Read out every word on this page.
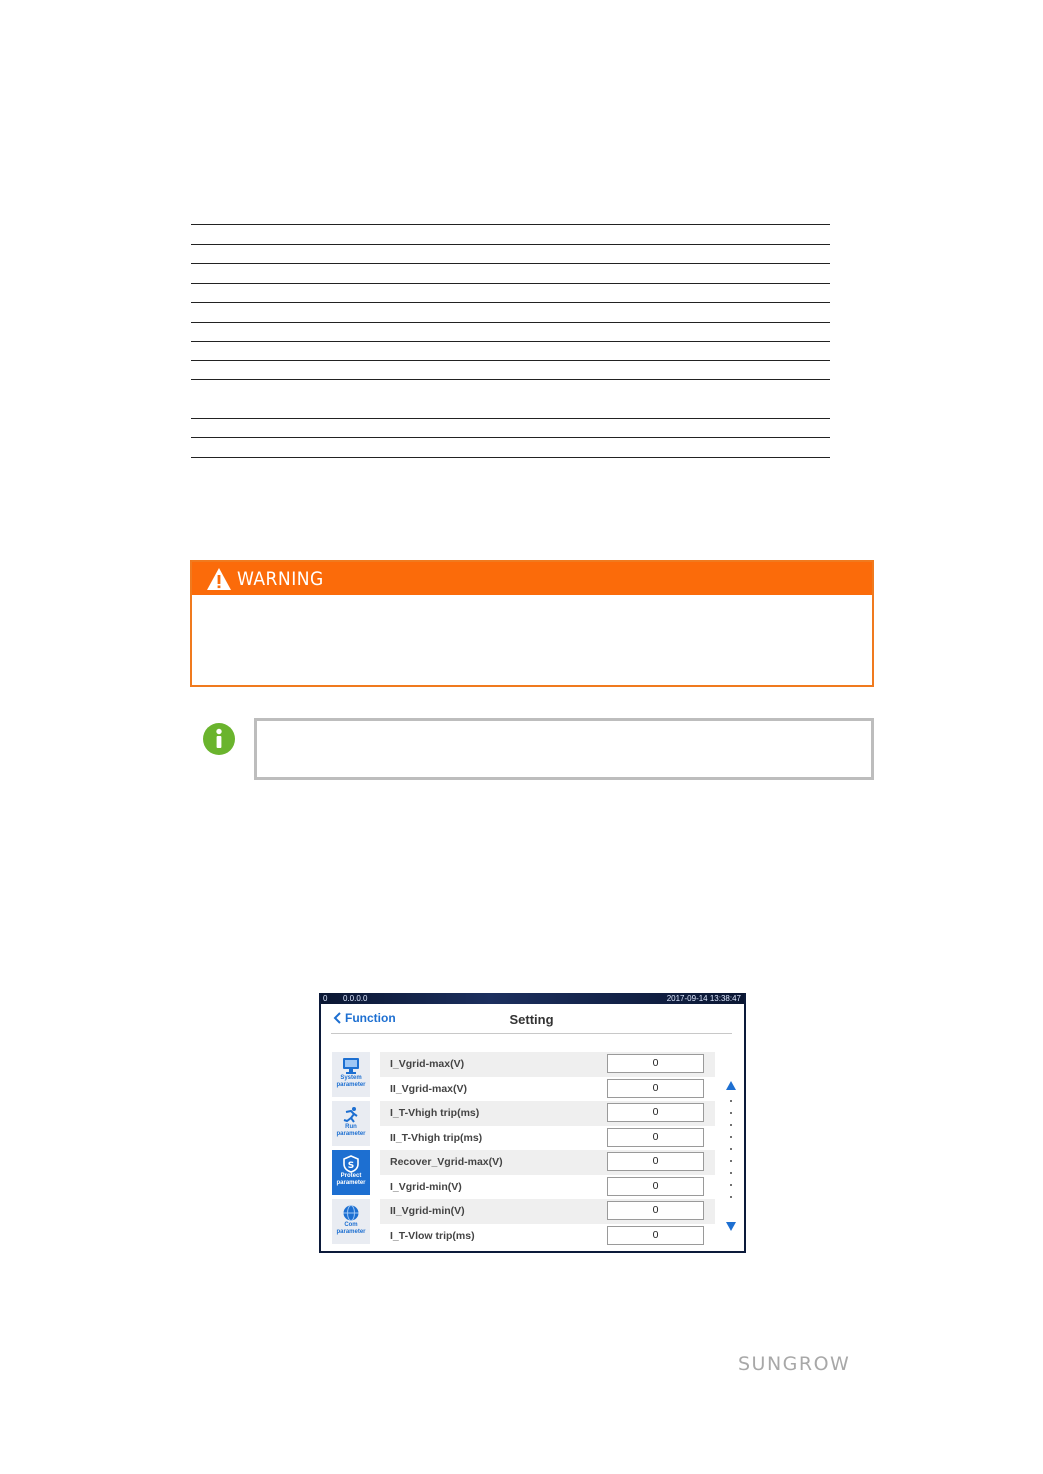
WARNING
0 0.0.0.0	2017-09-14 13:38:47
Setting
Function
System
parameter
Run
parameter
S
Protect
parameter
Com
parameter
I_Vgrid-max(V)	0
II_Vgrid-max(V)	0
I_T-Vhigh trip(ms)	0
II_T-Vhigh trip(ms)	0
Recover_Vgrid-max(V)	0
I_Vgrid-min(V)	0
II_Vgrid-min(V)	0
I_T-Vlow trip(ms)	0
SUNGROW
